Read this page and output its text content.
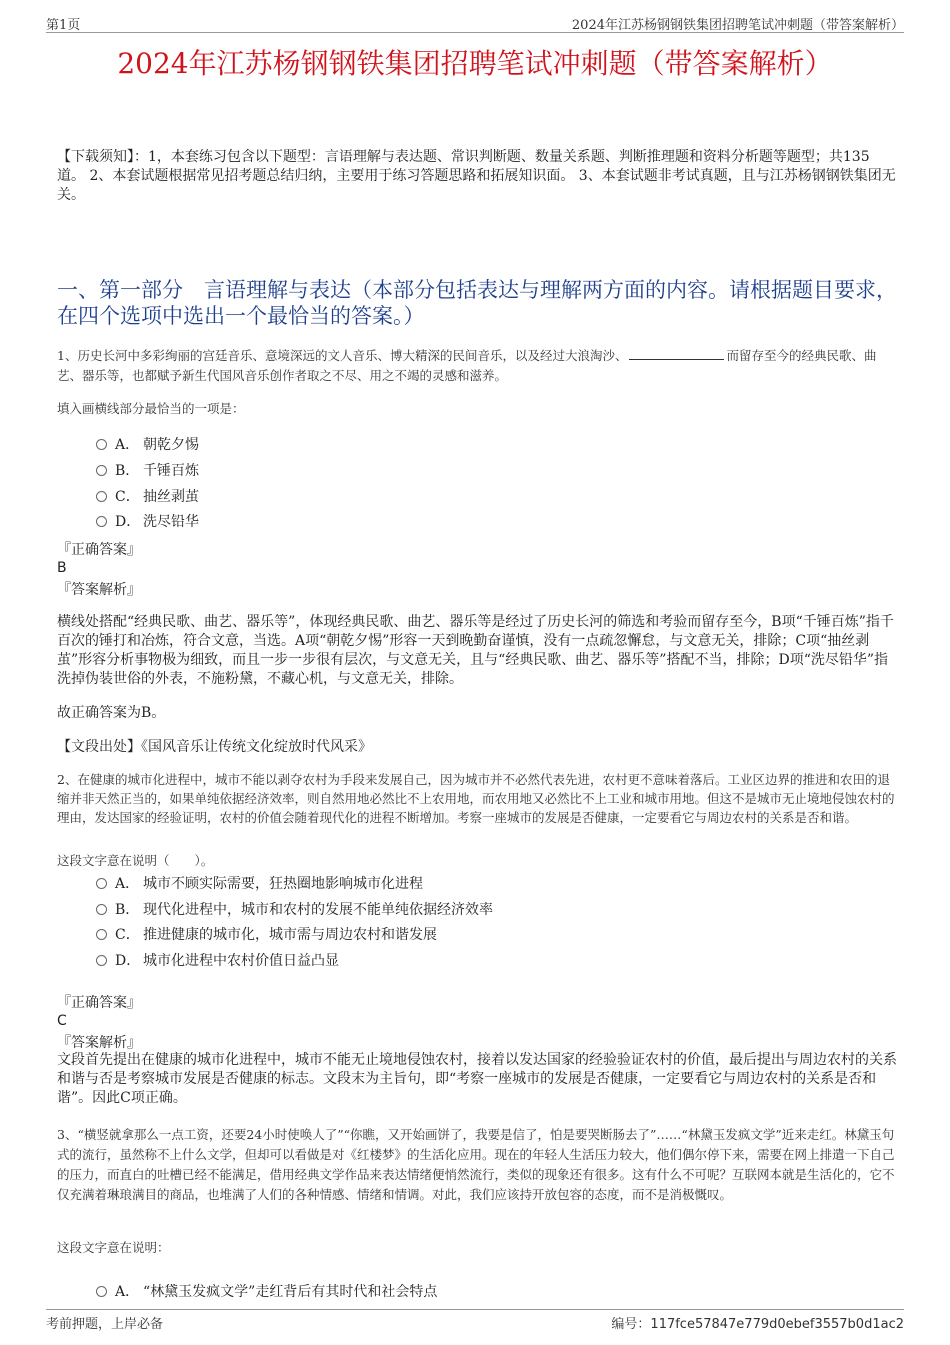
第1页	2024年江苏杨钢钢铁集团招聘笔试冲刺题（带答案解析）
2024年江苏杨钢钢铁集团招聘笔试冲刺题（带答案解析）
【下载须知】：1，本套练习包含以下题型：言语理解与表达题、常识判断题、数量关系题、判断推理题和资料分析题等题型；共135道。 2、本套试题根据常见招考题总结归纳，主要用于练习答题思路和拓展知识面。 3、本套试题非考试真题，且与江苏杨钢钢铁集团无关。
一、第一部分　言语理解与表达（本部分包括表达与理解两方面的内容。请根据题目要求，在四个选项中选出一个最恰当的答案。）
1、历史长河中多彩绚丽的宫廷音乐、意境深远的文人音乐、博大精深的民间音乐，以及经过大浪淘沙、	而留存至今的经典民歌、曲艺、器乐等，也都赋予新生代国风音乐创作者取之不尽、用之不竭的灵感和滋养。
填入画横线部分最恰当的一项是：
A． 朝乾夕惕
B． 千锤百炼
C． 抽丝剥茧
D． 洗尽铅华
『正确答案』
B
『答案解析』
横线处搭配“经典民歌、曲艺、器乐等”，体现经典民歌、曲艺、器乐等是经过了历史长河的筛选和考验而留存至今，B项“千锤百炼”指千百次的锤打和冶炼，符合文意，当选。A项“朝乾夕惕”形容一天到晚勤奋谨慎，没有一点疏忽懈怠，与文意无关，排除；C项“抽丝剥茧”形容分析事物极为细致，而且一步一步很有层次，与文意无关，且与“经典民歌、曲艺、器乐等”搭配不当，排除；D项“洗尽铅华”指洗掉伪装世俗的外表，不施粉黛，不藏心机，与文意无关，排除。
故正确答案为B。
【文段出处】《国风音乐让传统文化绽放时代风采》
2、在健康的城市化进程中，城市不能以剥夺农村为手段来发展自己，因为城市并不必然代表先进，农村更不意味着落后。工业区边界的推进和农田的退缩并非天然正当的，如果单纯依据经济效率，则自然用地必然比不上农用地，而农用地又必然比不上工业和城市用地。但这不是城市无止境地侵蚀农村的理由，发达国家的经验证明，农村的价值会随着现代化的进程不断增加。考察一座城市的发展是否健康，一定要看它与周边农村的关系是否和谐。
这段文字意在说明（　　）。
A． 城市不顾实际需要，狂热圈地影响城市化进程
B． 现代化进程中，城市和农村的发展不能单纯依据经济效率
C． 推进健康的城市化，城市需与周边农村和谐发展
D． 城市化进程中农村价值日益凸显
『正确答案』
C
『答案解析』
文段首先提出在健康的城市化进程中，城市不能无止境地侵蚀农村，接着以发达国家的经验验证农村的价值，最后提出与周边农村的关系和谐与否是考察城市发展是否健康的标志。文段末为主旨句，即“考察一座城市的发展是否健康，一定要看它与周边农村的关系是否和谐”。因此C项正确。
3、“横竖就拿那么一点工资，还要24小时使唤人了”“你瞧，又开始画饼了，我要是信了，怕是要哭断肠去了”……“林黛玉发疯文学”近来走红。林黛玉句式的流行，虽然称不上什么文学，但却可以看做是对《红楼梦》的生活化应用。现在的年轻人生活压力较大，他们偶尔停下来，需要在网上排遣一下自己的压力，而直白的吐槽已经不能满足，借用经典文学作品来表达情绪便悄然流行，类似的现象还有很多。这有什么不可呢？互联网本就是生活化的，它不仅充满着琳琅满目的商品，也堆满了人们的各种情感、情绪和情调。对此，我们应该持开放包容的态度，而不是消极慨叹。
这段文字意在说明：
A． “林黛玉发疯文学”走红背后有其时代和社会特点
考前押题，上岸必备	编号：117fce57847e779d0ebef3557b0d1ac2
